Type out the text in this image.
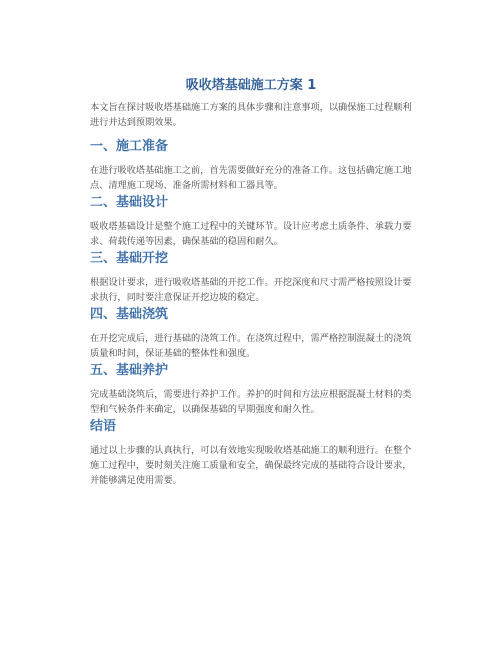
吸收塔基础施工方案 1

本文旨在探讨吸收塔基础施工方案的具体步骤和注意事项，以确保施工过程顺利进行并达到预期效果。

一、施工准备

在进行吸收塔基础施工之前，首先需要做好充分的准备工作。这包括确定施工地点、清理施工现场、准备所需材料和工器具等。

二、基础设计

吸收塔基础设计是整个施工过程中的关键环节。设计应考虑土质条件、承载力要求、荷载传递等因素，确保基础的稳固和耐久。

三、基础开挖

根据设计要求，进行吸收塔基础的开挖工作。开挖深度和尺寸需严格按照设计要求执行，同时要注意保证开挖边坡的稳定。

四、基础浇筑

在开挖完成后，进行基础的浇筑工作。在浇筑过程中，需严格控制混凝土的浇筑质量和时间，保证基础的整体性和强度。

五、基础养护

完成基础浇筑后，需要进行养护工作。养护的时间和方法应根据混凝土材料的类型和气候条件来确定，以确保基础的早期强度和耐久性。

结语

通过以上步骤的认真执行，可以有效地实现吸收塔基础施工的顺利进行。在整个施工过程中，要时刻关注施工质量和安全，确保最终完成的基础符合设计要求，并能够满足使用需要。
